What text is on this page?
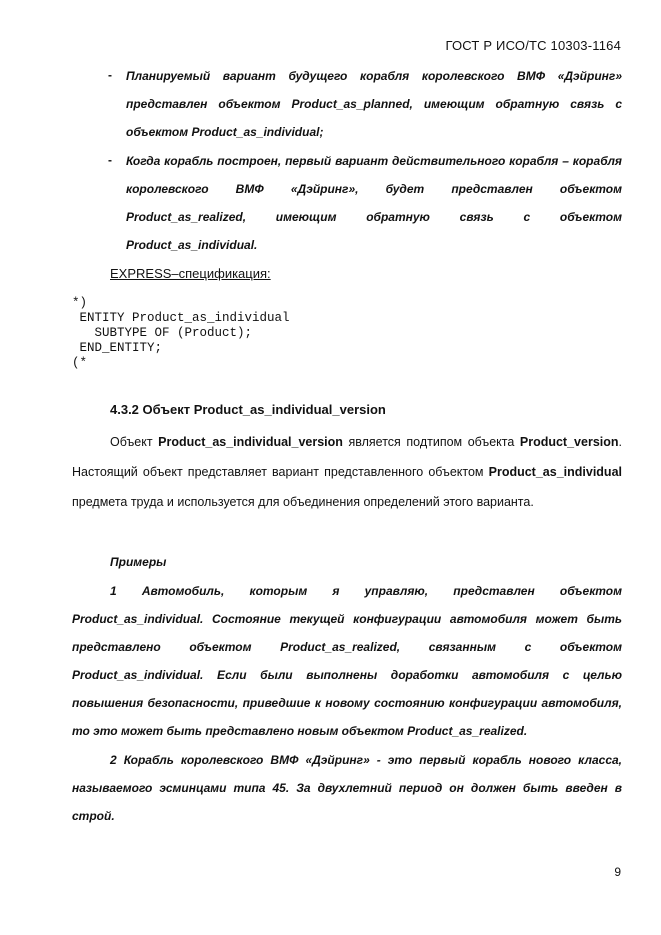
ГОСТ Р ИСО/ТС 10303-1164
- Планируемый вариант будущего корабля королевского ВМФ «Дэйринг» представлен объектом Product_as_planned, имеющим обратную связь с объектом Product_as_individual;
- Когда корабль построен, первый вариант действительного корабля – корабля королевского ВМФ «Дэйринг», будет представлен объектом Product_as_realized, имеющим обратную связь с объектом Product_as_individual.
EXPRESS–спецификация:
*)
ENTITY Product_as_individual
SUBTYPE OF (Product);
END_ENTITY;
(*
4.3.2 Объект Product_as_individual_version
Объект Product_as_individual_version является подтипом объекта Product_version. Настоящий объект представляет вариант представленного объектом Product_as_individual предмета труда и используется для объединения определений этого варианта.
Примеры
1 Автомобиль, которым я управляю, представлен объектом Product_as_individual. Состояние текущей конфигурации автомобиля может быть представлено объектом Product_as_realized, связанным с объектом Product_as_individual. Если были выполнены доработки автомобиля с целью повышения безопасности, приведшие к новому состоянию конфигурации автомобиля, то это может быть представлено новым объектом Product_as_realized.
2 Корабль королевского ВМФ «Дэйринг» - это первый корабль нового класса, называемого эсминцами типа 45. За двухлетний период он должен быть введен в строй.
9
